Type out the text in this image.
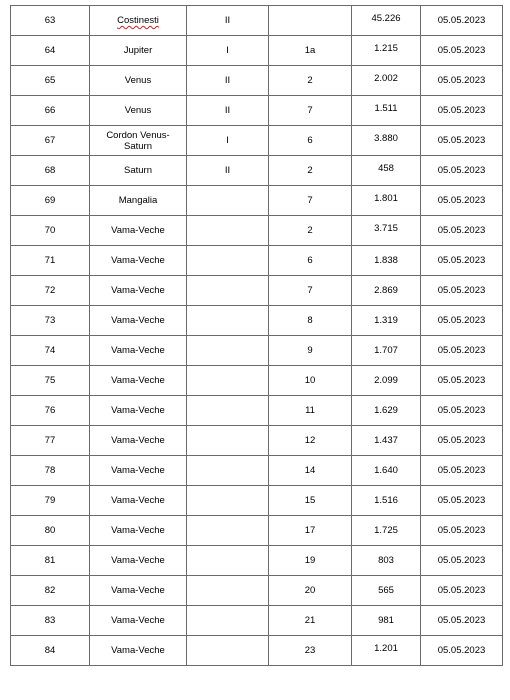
63	Costinesti	II		45.226	05.05.2023
64	Jupiter	I	1a	1.215	05.05.2023
65	Venus	II	2	2.002	05.05.2023
66	Venus	II	7	1.511	05.05.2023
67	Cordon Venus-
Saturn	I	6	3.880	05.05.2023
68	Saturn	II	2	458	05.05.2023
69	Mangalia		7	1.801	05.05.2023
70	Vama-Veche		2	3.715	05.05.2023
71	Vama-Veche		6	1.838	05.05.2023
72	Vama-Veche		7	2.869	05.05.2023
73	Vama-Veche		8	1.319	05.05.2023
74	Vama-Veche		9	1.707	05.05.2023
75	Vama-Veche		10	2.099	05.05.2023
76	Vama-Veche		11	1.629	05.05.2023
77	Vama-Veche		12	1.437	05.05.2023
78	Vama-Veche		14	1.640	05.05.2023
79	Vama-Veche		15	1.516	05.05.2023
80	Vama-Veche		17	1.725	05.05.2023
81	Vama-Veche		19	803	05.05.2023
82	Vama-Veche		20	565	05.05.2023
83	Vama-Veche		21	981	05.05.2023
84	Vama-Veche		23	1.201	05.05.2023
